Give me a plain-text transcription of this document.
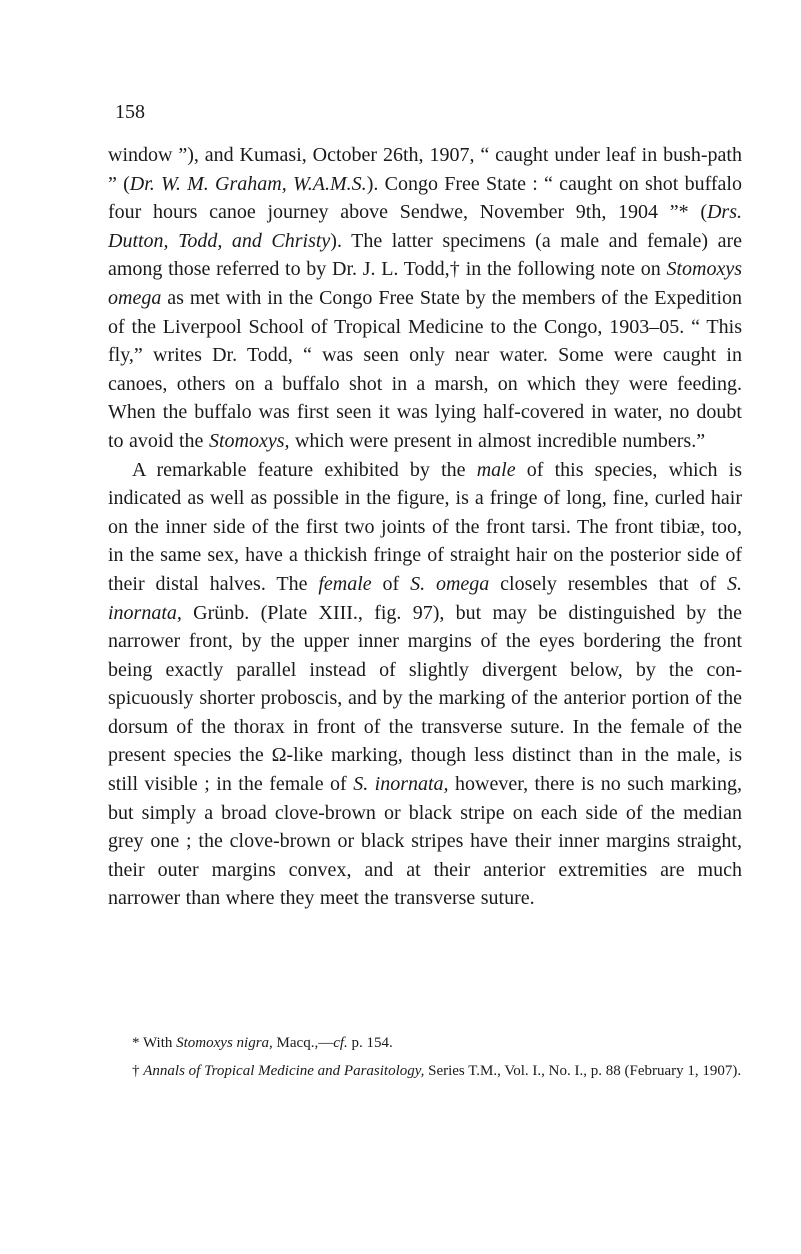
158

window ”), and Kumasi, October 26th, 1907, “ caught under leaf in bush-path ” (Dr. W. M. Graham, W.A.M.S.). Congo Free State : “ caught on shot buffalo four hours canoe journey above Sendwe, November 9th, 1904 ”* (Drs. Dutton, Todd, and Christy). The latter specimens (a male and female) are among those referred to by Dr. J. L. Todd,† in the following note on Stomoxys omega as met with in the Congo Free State by the members of the Expedition of the Liverpool School of Tropical Medicine to the Congo, 1903–05. “ This fly,” writes Dr. Todd, “ was seen only near water. Some were caught in canoes, others on a buffalo shot in a marsh, on which they were feeding. When the buffalo was first seen it was lying half-covered in water, no doubt to avoid the Stomoxys, which were present in almost incredible numbers.”

A remarkable feature exhibited by the male of this species, which is indicated as well as possible in the figure, is a fringe of long, fine, curled hair on the inner side of the first two joints of the front tarsi. The front tibiæ, too, in the same sex, have a thickish fringe of straight hair on the posterior side of their distal halves. The female of S. omega closely resembles that of S. inornata, Grünb. (Plate XIII., fig. 97), but may be distinguished by the narrower front, by the upper inner margins of the eyes bordering the front being exactly parallel instead of slightly divergent below, by the con-spicuously shorter proboscis, and by the marking of the anterior portion of the dorsum of the thorax in front of the transverse suture. In the female of the present species the Ω-like marking, though less distinct than in the male, is still visible ; in the female of S. inornata, however, there is no such marking, but simply a broad clove-brown or black stripe on each side of the median grey one ; the clove-brown or black stripes have their inner margins straight, their outer margins convex, and at their anterior extremities are much narrower than where they meet the transverse suture.

* With Stomoxys nigra, Macq.,—cf. p. 154.

† Annals of Tropical Medicine and Parasitology, Series T.M., Vol. I., No. I., p. 88 (February 1, 1907).
